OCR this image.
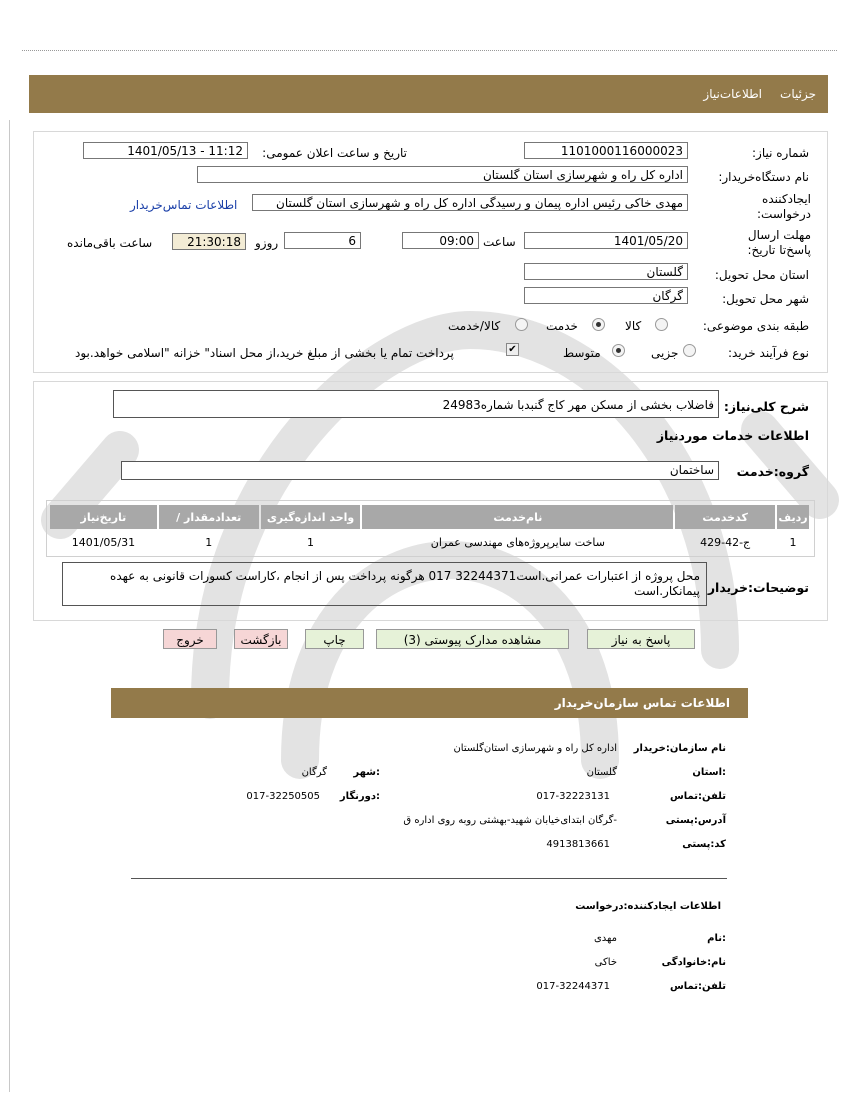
جزئیات
اطلاعات‌نیاز
شماره نیاز:
1101000116000023
تاریخ و ساعت اعلان عمومی:
1401/05/13 - 11:12
نام دستگاه‌خریدار:
اداره کل راه و شهرسازی استان گلستان
ایجادکننده درخواست:
مهدی خاکی رئیس اداره پیمان و رسیدگی اداره کل راه و شهرسازی استان گلستان
اطلاعات تماس‌خریدار
مهلت ارسال پاسخ‌تا تاریخ:
1401/05/20
ساعت
09:00
6
روزو
21:30:18
ساعت باقی‌مانده
استان محل تحویل:
گلستان
شهر محل تحویل:
گرگان
طبقه بندی موضوعی:
کالا
خدمت
کالا/خدمت
نوع فرآیند خرید:
جزیی
متوسط
✔
پرداخت تمام یا بخشی از مبلغ خرید،از محل اسناد" خزانه "اسلامی خواهد.بود
شرح کلی‌نیاز:
فاضلاب بخشی از مسکن مهر کاج گنبدبا شماره24983
اطلاعات خدمات موردنیاز
گروه‌:خدمت
ساختمان
ردیف	کدخدمت	نام‌خدمت	واحد اندازه‌گیری	تعدادمقدار /	تاریخ‌نیاز
1	ج-42-429	ساخت سایرپروژه‌های مهندسی عمران	1	1	1401/05/31
توضیحات‌:خریدار
محل پروژه از اعتبارات عمرانی.است32244371 017 هرگونه پرداخت پس از انجام ،کاراست کسورات قانونی به عهده پیمانکار.است
پاسخ به نیاز
مشاهده مدارک پیوستی (3)
چاپ
بازگشت
خروج
اطلاعات تماس سازمان‌خریدار
نام سازمان‌:خریدار
اداره کل راه و شهرسازی استان‌گلستان
:استان
گلستان
:شهر
گرگان
تلفن:تماس
017-32223131
:دورنگار
017-32250505
آدرس:پستی
-گرگان ابتدای‌خیابان شهید-بهشتی روبه روی اداره ق
کد:پستی
4913813661
اطلاعات ایجادکننده:درخواست
:نام
مهدی
نام:خانوادگی
خاکی
تلفن:تماس
017-32244371
